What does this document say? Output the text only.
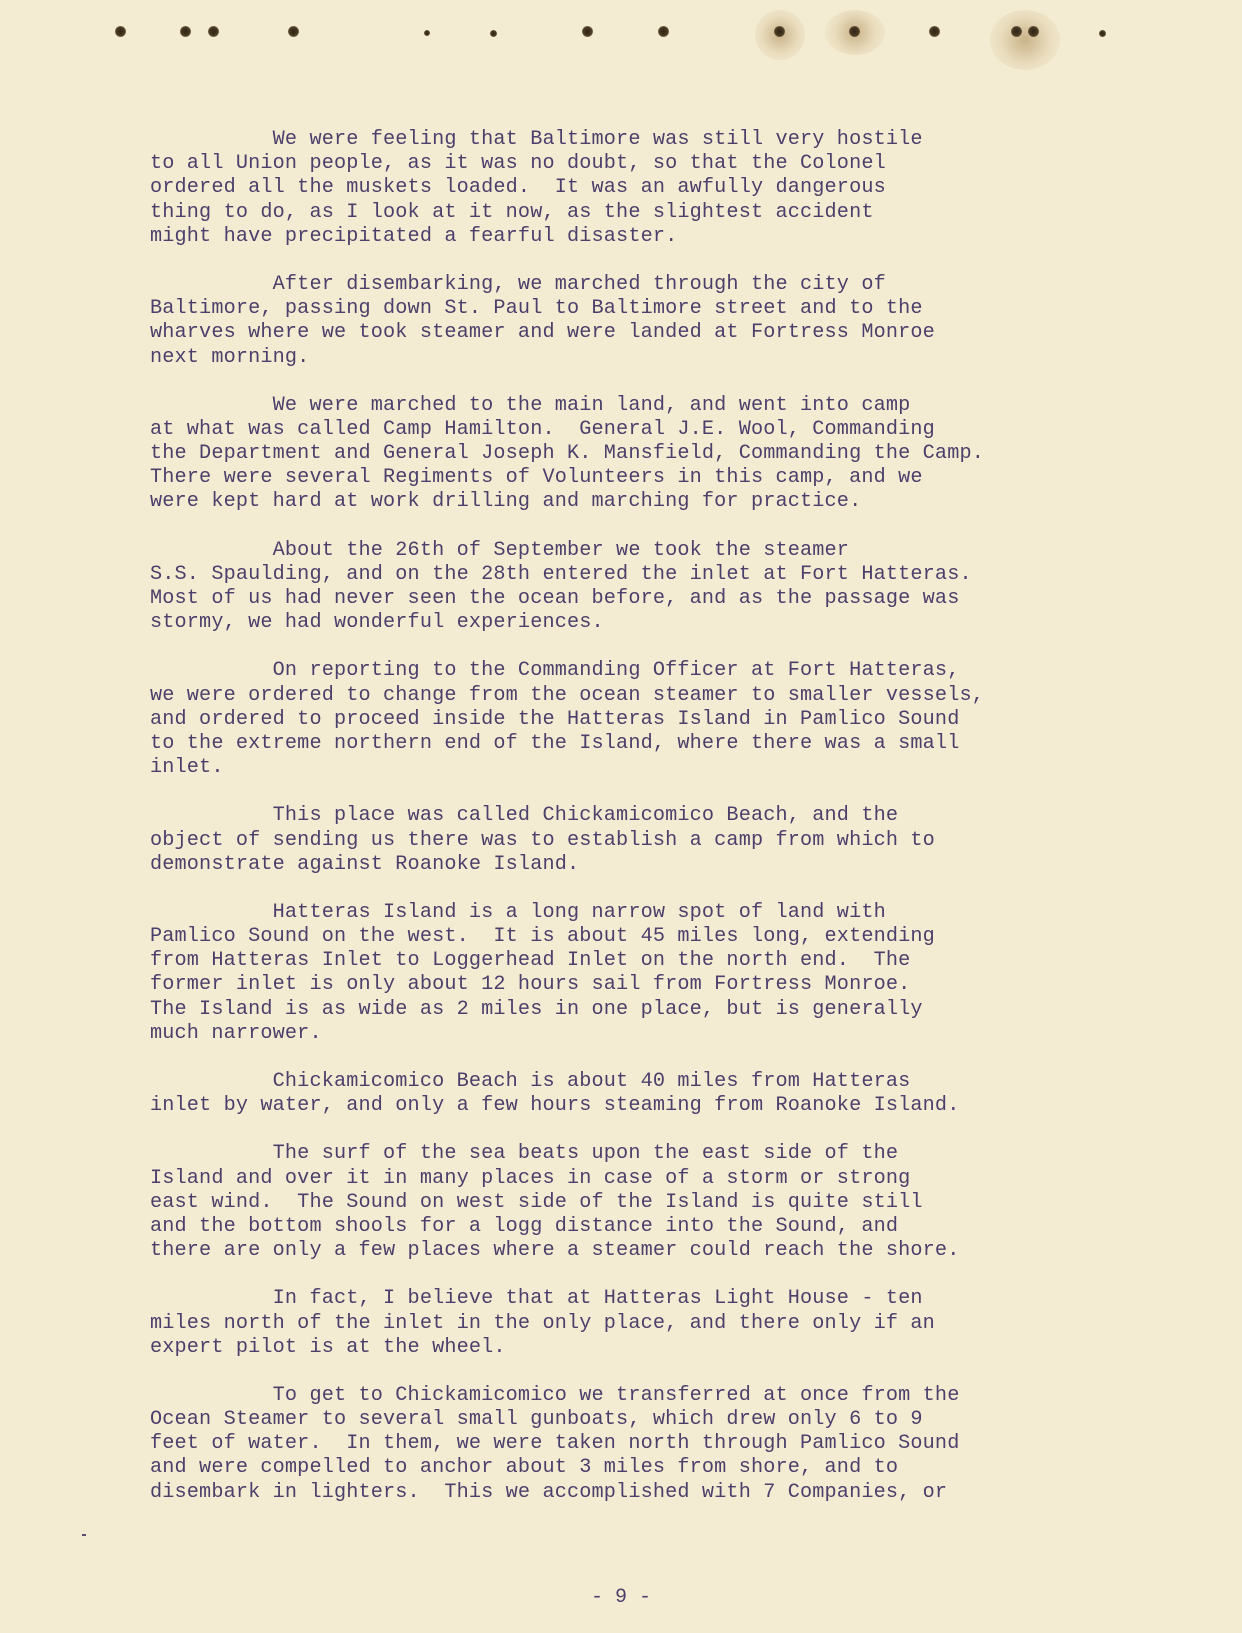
We were feeling that Baltimore was still very hostile
to all Union people, as it was no doubt, so that the Colonel
ordered all the muskets loaded.  It was an awfully dangerous
thing to do, as I look at it now, as the slightest accident
might have precipitated a fearful disaster.
After disembarking, we marched through the city of
Baltimore, passing down St. Paul to Baltimore street and to the
wharves where we took steamer and were landed at Fortress Monroe
next morning.
We were marched to the main land, and went into camp
at what was called Camp Hamilton.  General J.E. Wool, Commanding
the Department and General Joseph K. Mansfield, Commanding the Camp.
There were several Regiments of Volunteers in this camp, and we
were kept hard at work drilling and marching for practice.
About the 26th of September we took the steamer
S.S. Spaulding, and on the 28th entered the inlet at Fort Hatteras.
Most of us had never seen the ocean before, and as the passage was
stormy, we had wonderful experiences.
On reporting to the Commanding Officer at Fort Hatteras,
we were ordered to change from the ocean steamer to smaller vessels,
and ordered to proceed inside the Hatteras Island in Pamlico Sound
to the extreme northern end of the Island, where there was a small
inlet.
This place was called Chickamicomico Beach, and the
object of sending us there was to establish a camp from which to
demonstrate against Roanoke Island.
Hatteras Island is a long narrow spot of land with
Pamlico Sound on the west.  It is about 45 miles long, extending
from Hatteras Inlet to Loggerhead Inlet on the north end.  The
former inlet is only about 12 hours sail from Fortress Monroe.
The Island is as wide as 2 miles in one place, but is generally
much narrower.
Chickamicomico Beach is about 40 miles from Hatteras
inlet by water, and only a few hours steaming from Roanoke Island.
The surf of the sea beats upon the east side of the
Island and over it in many places in case of a storm or strong
east wind.  The Sound on west side of the Island is quite still
and the bottom shools for a logg distance into the Sound, and
there are only a few places where a steamer could reach the shore.
In fact, I believe that at Hatteras Light House - ten
miles north of the inlet in the only place, and there only if an
expert pilot is at the wheel.
To get to Chickamicomico we transferred at once from the
Ocean Steamer to several small gunboats, which drew only 6 to 9
feet of water.  In them, we were taken north through Pamlico Sound
and were compelled to anchor about 3 miles from shore, and to
disembark in lighters.  This we accomplished with 7 Companies, or
- 9 -
